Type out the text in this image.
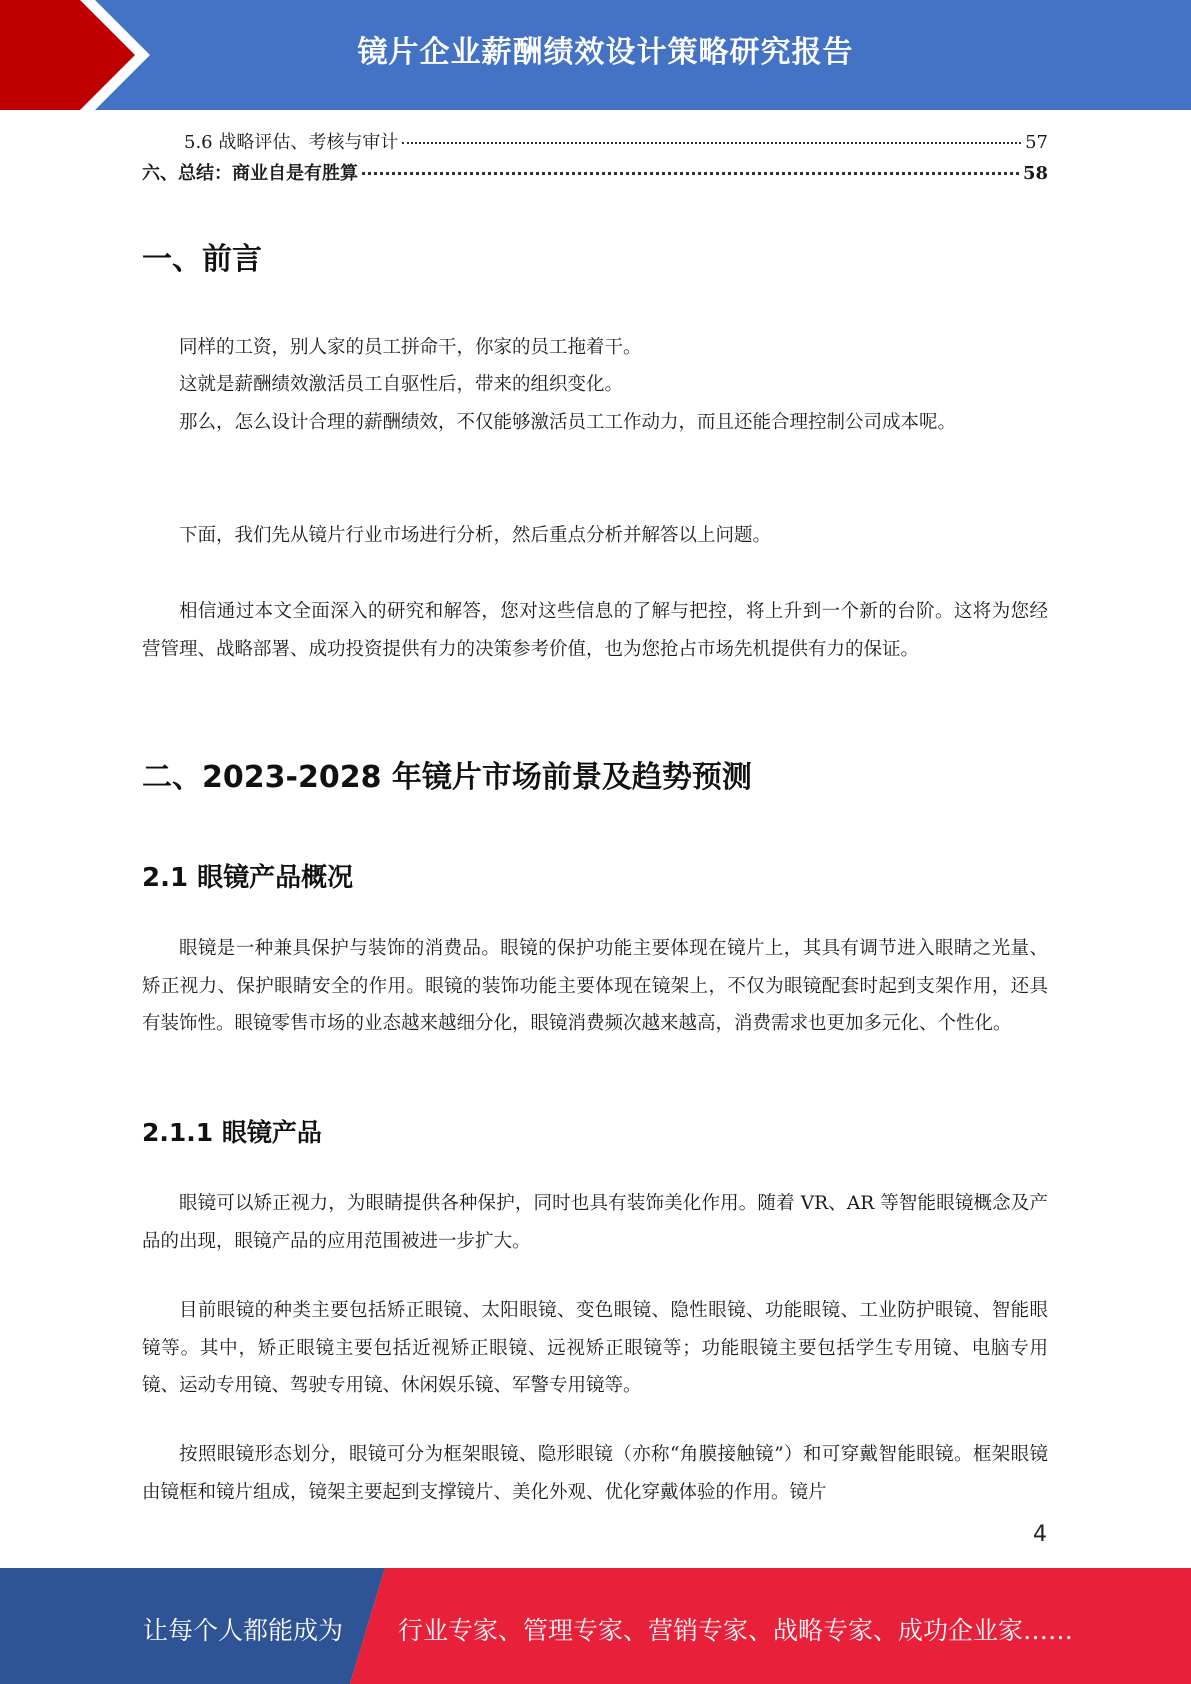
镜片企业薪酬绩效设计策略研究报告
5.6 战略评估、考核与审计	57
六、总结：商业自是有胜算	58
一、前言

同样的工资，别人家的员工拼命干，你家的员工拖着干。

这就是薪酬绩效激活员工自驱性后，带来的组织变化。

那么，怎么设计合理的薪酬绩效，不仅能够激活员工工作动力，而且还能合理控制公司成本呢。

下面，我们先从镜片行业市场进行分析，然后重点分析并解答以上问题。

相信通过本文全面深入的研究和解答，您对这些信息的了解与把控，将上升到一个新的台阶。这将为您经营管理、战略部署、成功投资提供有力的决策参考价值，也为您抢占市场先机提供有力的保证。

二、2023-2028 年镜片市场前景及趋势预测
2.1 眼镜产品概况

眼镜是一种兼具保护与装饰的消费品。眼镜的保护功能主要体现在镜片上，其具有调节进入眼睛之光量、矫正视力、保护眼睛安全的作用。眼镜的装饰功能主要体现在镜架上，不仅为眼镜配套时起到支架作用，还具有装饰性。眼镜零售市场的业态越来越细分化，眼镜消费频次越来越高，消费需求也更加多元化、个性化。

2.1.1 眼镜产品

眼镜可以矫正视力，为眼睛提供各种保护，同时也具有装饰美化作用。随着 VR、AR 等智能眼镜概念及产品的出现，眼镜产品的应用范围被进一步扩大。

目前眼镜的种类主要包括矫正眼镜、太阳眼镜、变色眼镜、隐性眼镜、功能眼镜、工业防护眼镜、智能眼镜等。其中，矫正眼镜主要包括近视矫正眼镜、远视矫正眼镜等；功能眼镜主要包括学生专用镜、电脑专用镜、运动专用镜、驾驶专用镜、休闲娱乐镜、军警专用镜等。

按照眼镜形态划分，眼镜可分为框架眼镜、隐形眼镜（亦称“角膜接触镜”）和可穿戴智能眼镜。框架眼镜由镜框和镜片组成，镜架主要起到支撑镜片、美化外观、优化穿戴体验的作用。镜片

4
让每个人都能成为 行业专家、管理专家、营销专家、战略专家、成功企业家……
